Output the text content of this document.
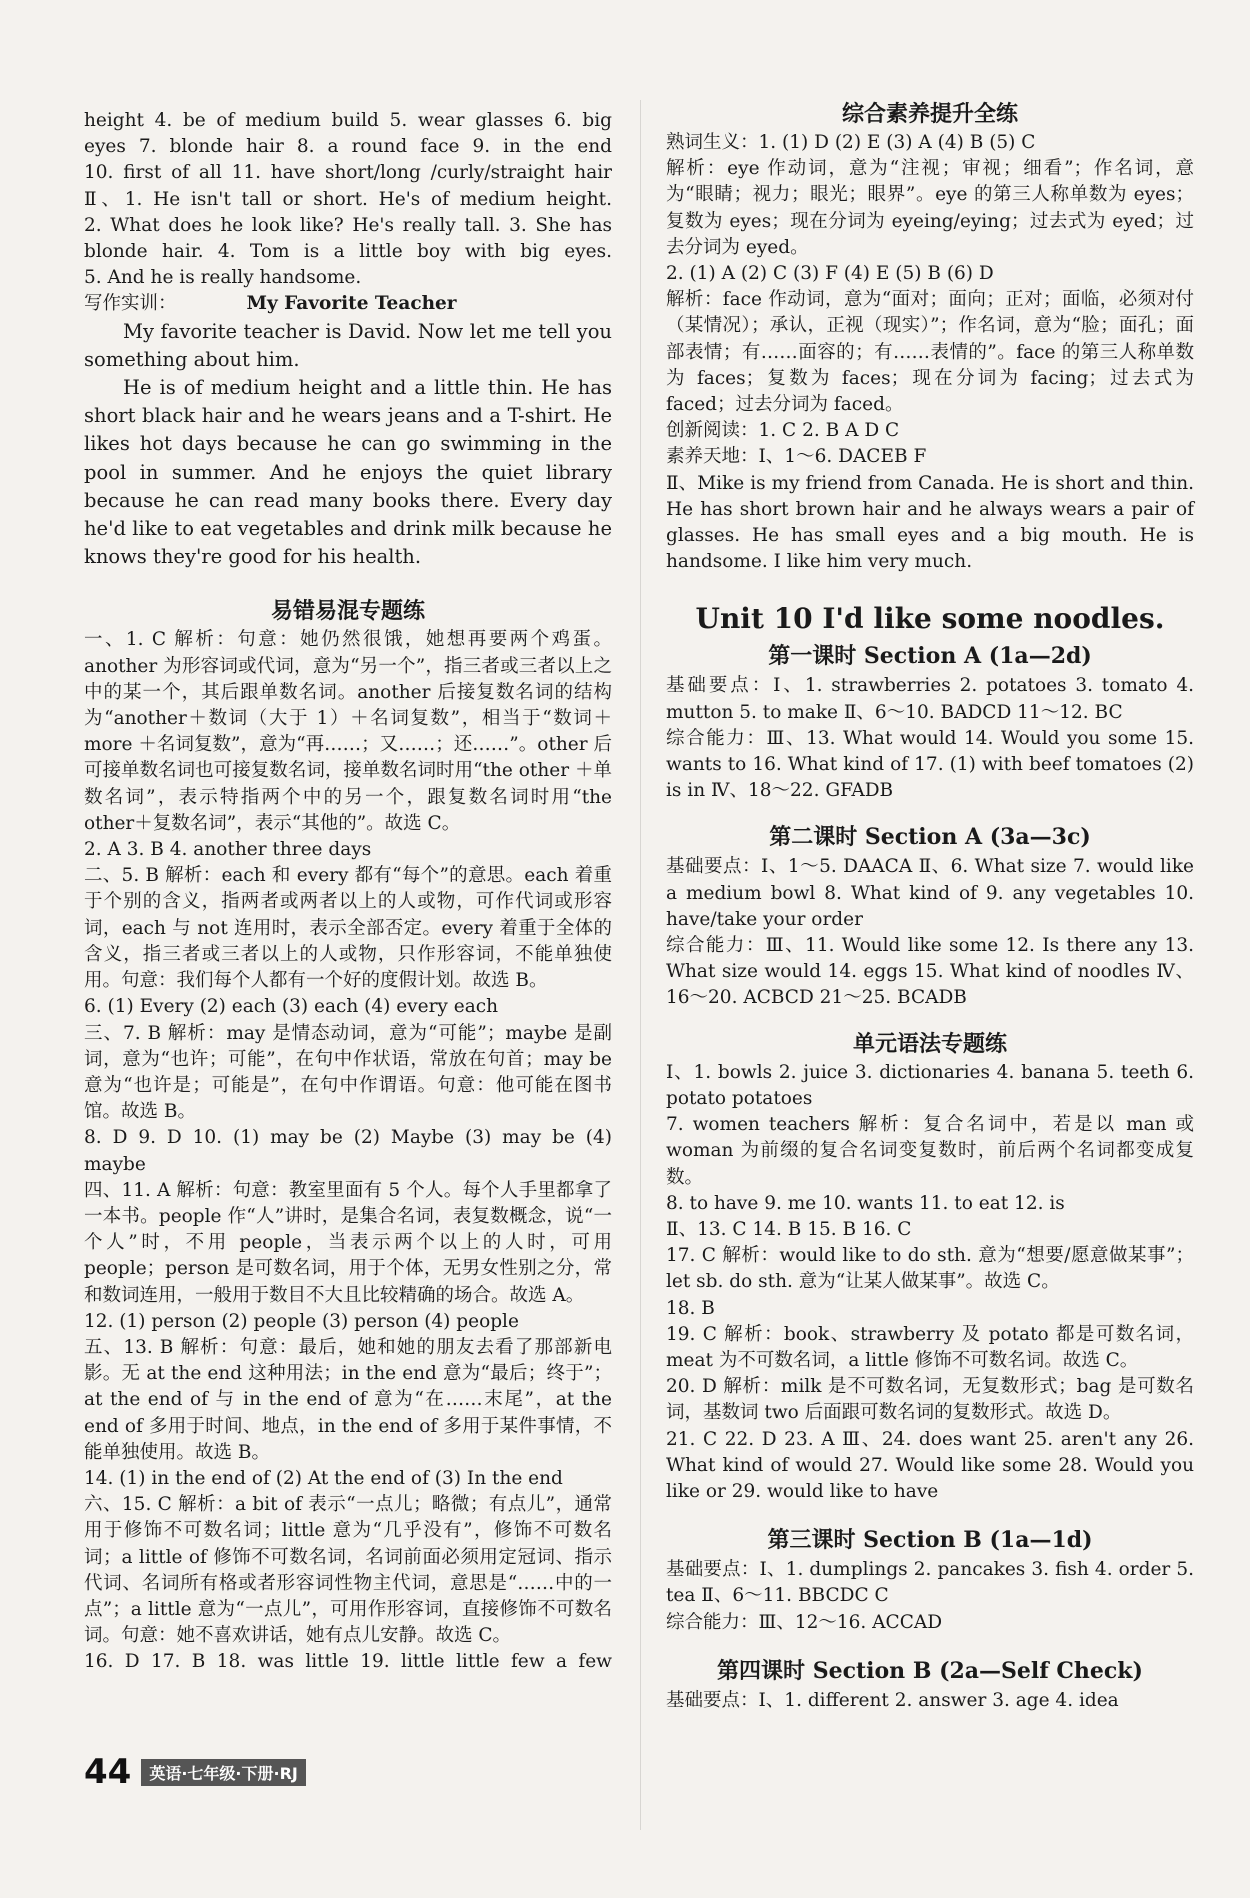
height 4. be of medium build 5. wear glasses 6. big
eyes 7. blonde hair 8. a round face 9. in the end
10. first of all 11. have short/long /curly/straight hair
Ⅱ、1. He isn't tall or short. He's of medium height.
2. What does he look like? He's really tall. 3. She has
blonde hair. 4. Tom is a little boy with big eyes.
5. And he is really handsome.
写作实训：	My Favorite Teacher
My favorite teacher is David. Now let me tell you something about him.
He is of medium height and a little thin. He has short black hair and he wears jeans and a T-shirt. He likes hot days because he can go swimming in the pool in summer. And he enjoys the quiet library because he can read many books there. Every day he'd like to eat vegetables and drink milk because he knows they're good for his health.
易错易混专题练
一、1. C 解析：句意：她仍然很饿，她想再要两个鸡蛋。another 为形容词或代词，意为“另一个”，指三者或三者以上之中的某一个，其后跟单数名词。another 后接复数名词的结构为“another＋数词（大于 1）＋名词复数”，相当于“数词＋ more ＋名词复数”，意为“再……；又……；还……”。other 后可接单数名词也可接复数名词，接单数名词时用“the other ＋单数名词”，表示特指两个中的另一个，跟复数名词时用“the other＋复数名词”，表示“其他的”。故选 C。
2. A 3. B 4. another three days
二、5. B 解析：each 和 every 都有“每个”的意思。each 着重于个别的含义，指两者或两者以上的人或物，可作代词或形容词，each 与 not 连用时，表示全部否定。every 着重于全体的含义，指三者或三者以上的人或物，只作形容词，不能单独使用。句意：我们每个人都有一个好的度假计划。故选 B。
6. (1) Every (2) each (3) each (4) every each
三、7. B 解析：may 是情态动词，意为“可能”；maybe 是副词，意为“也许；可能”，在句中作状语，常放在句首；may be 意为“也许是；可能是”，在句中作谓语。句意：他可能在图书馆。故选 B。
8. D 9. D 10. (1) may be (2) Maybe (3) may be (4) maybe
四、11. A 解析：句意：教室里面有 5 个人。每个人手里都拿了一本书。people 作“人”讲时，是集合名词，表复数概念，说“一个人”时，不用 people，当表示两个以上的人时，可用 people；person 是可数名词，用于个体，无男女性别之分，常和数词连用，一般用于数目不大且比较精确的场合。故选 A。
12. (1) person (2) people (3) person (4) people
五、13. B 解析：句意：最后，她和她的朋友去看了那部新电影。无 at the end 这种用法；in the end 意为“最后；终于”；at the end of 与 in the end of 意为“在……末尾”，at the end of 多用于时间、地点，in the end of 多用于某件事情，不能单独使用。故选 B。
14. (1) in the end of (2) At the end of (3) In the end
六、15. C 解析：a bit of 表示“一点儿；略微；有点儿”，通常用于修饰不可数名词；little 意为“几乎没有”，修饰不可数名词；a little of 修饰不可数名词，名词前面必须用定冠词、指示代词、名词所有格或者形容词性物主代词，意思是“……中的一点”；a little 意为“一点儿”，可用作形容词，直接修饰不可数名词。句意：她不喜欢讲话，她有点儿安静。故选 C。
16. D 17. B 18. was little 19. little little few a few
综合素养提升全练
熟词生义：1. (1) D (2) E (3) A (4) B (5) C
解析：eye 作动词，意为“注视；审视；细看”；作名词，意为“眼睛；视力；眼光；眼界”。eye 的第三人称单数为 eyes；复数为 eyes；现在分词为 eyeing/eying；过去式为 eyed；过去分词为 eyed。
2. (1) A (2) C (3) F (4) E (5) B (6) D
解析：face 作动词，意为“面对；面向；正对；面临，必须对付（某情况）；承认，正视（现实）”；作名词，意为“脸；面孔；面部表情；有……面容的；有……表情的”。face 的第三人称单数为 faces；复数为 faces；现在分词为 facing；过去式为 faced；过去分词为 faced。
创新阅读：1. C 2. B A D C
素养天地：Ⅰ、1～6. DACEB F
Ⅱ、Mike is my friend from Canada. He is short and thin. He has short brown hair and he always wears a pair of glasses. He has small eyes and a big mouth. He is handsome. I like him very much.
Unit 10 I'd like some noodles.
第一课时 Section A (1a—2d)
基础要点：Ⅰ、1. strawberries 2. potatoes 3. tomato 4. mutton 5. to make Ⅱ、6～10. BADCD 11～12. BC
综合能力：Ⅲ、13. What would 14. Would you some 15. wants to 16. What kind of 17. (1) with beef tomatoes (2) is in Ⅳ、18～22. GFADB
第二课时 Section A (3a—3c)
基础要点：Ⅰ、1～5. DAACA Ⅱ、6. What size 7. would like a medium bowl 8. What kind of 9. any vegetables 10. have/take your order
综合能力：Ⅲ、11. Would like some 12. Is there any 13. What size would 14. eggs 15. What kind of noodles Ⅳ、16～20. ACBCD 21～25. BCADB
单元语法专题练
Ⅰ、1. bowls 2. juice 3. dictionaries 4. banana 5. teeth 6. potato potatoes
7. women teachers 解析：复合名词中，若是以 man 或 woman 为前缀的复合名词变复数时，前后两个名词都变成复数。
8. to have 9. me 10. wants 11. to eat 12. is
Ⅱ、13. C 14. B 15. B 16. C
17. C 解析：would like to do sth. 意为“想要/愿意做某事”；let sb. do sth. 意为“让某人做某事”。故选 C。
18. B
19. C 解析：book、strawberry 及 potato 都是可数名词，meat 为不可数名词，a little 修饰不可数名词。故选 C。
20. D 解析：milk 是不可数名词，无复数形式；bag 是可数名词，基数词 two 后面跟可数名词的复数形式。故选 D。
21. C 22. D 23. A Ⅲ、24. does want 25. aren't any 26. What kind of would 27. Would like some 28. Would you like or 29. would like to have
第三课时 Section B (1a—1d)
基础要点：Ⅰ、1. dumplings 2. pancakes 3. fish 4. order 5. tea Ⅱ、6～11. BBCDC C
综合能力：Ⅲ、12～16. ACCAD
第四课时 Section B (2a—Self Check)
基础要点：Ⅰ、1. different 2. answer 3. age 4. idea
44	英语·七年级·下册·RJ
